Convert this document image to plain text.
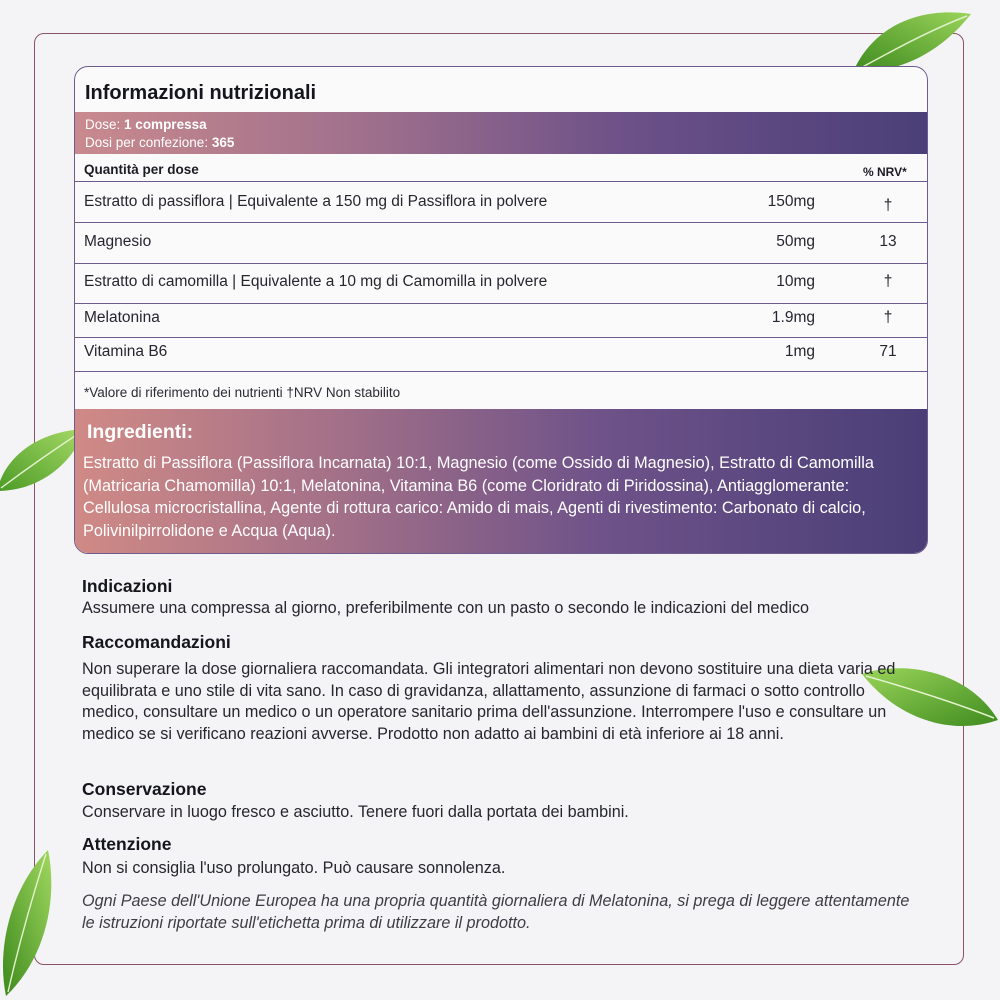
Informazioni nutrizionali
Dose: 1 compressa
Dosi per confezione: 365
Quantità per dose	% NRV*
Estratto di passiflora | Equivalente a 150 mg di Passiflora in polvere	150mg	†
Magnesio	50mg	13
Estratto di camomilla | Equivalente a 10 mg di Camomilla in polvere	10mg	†
Melatonina	1.9mg	†
Vitamina B6	1mg	71
*Valore di riferimento dei nutrienti †NRV Non stabilito
Ingredienti:
Estratto di Passiflora (Passiflora Incarnata) 10:1, Magnesio (come Ossido di Magnesio), Estratto di Camomilla (Matricaria Chamomilla) 10:1, Melatonina, Vitamina B6 (come Cloridrato di Piridossina), Antiagglomerante: Cellulosa microcristallina, Agente di rottura carico: Amido di mais, Agenti di rivestimento: Carbonato di calcio, Polivinilpirrolidone e Acqua (Aqua).
Indicazioni
Assumere una compressa al giorno, preferibilmente con un pasto o secondo le indicazioni del medico
Raccomandazioni
Non superare la dose giornaliera raccomandata. Gli integratori alimentari non devono sostituire una dieta varia ed equilibrata e uno stile di vita sano. In caso di gravidanza, allattamento, assunzione di farmaci o sotto controllo medico, consultare un medico o un operatore sanitario prima dell'assunzione. Interrompere l'uso e consultare un medico se si verificano reazioni avverse. Prodotto non adatto ai bambini di età inferiore ai 18 anni.
Conservazione
Conservare in luogo fresco e asciutto. Tenere fuori dalla portata dei bambini.
Attenzione
Non si consiglia l'uso prolungato. Può causare sonnolenza.
Ogni Paese dell'Unione Europea ha una propria quantità giornaliera di Melatonina, si prega di leggere attentamente le istruzioni riportate sull'etichetta prima di utilizzare il prodotto.
